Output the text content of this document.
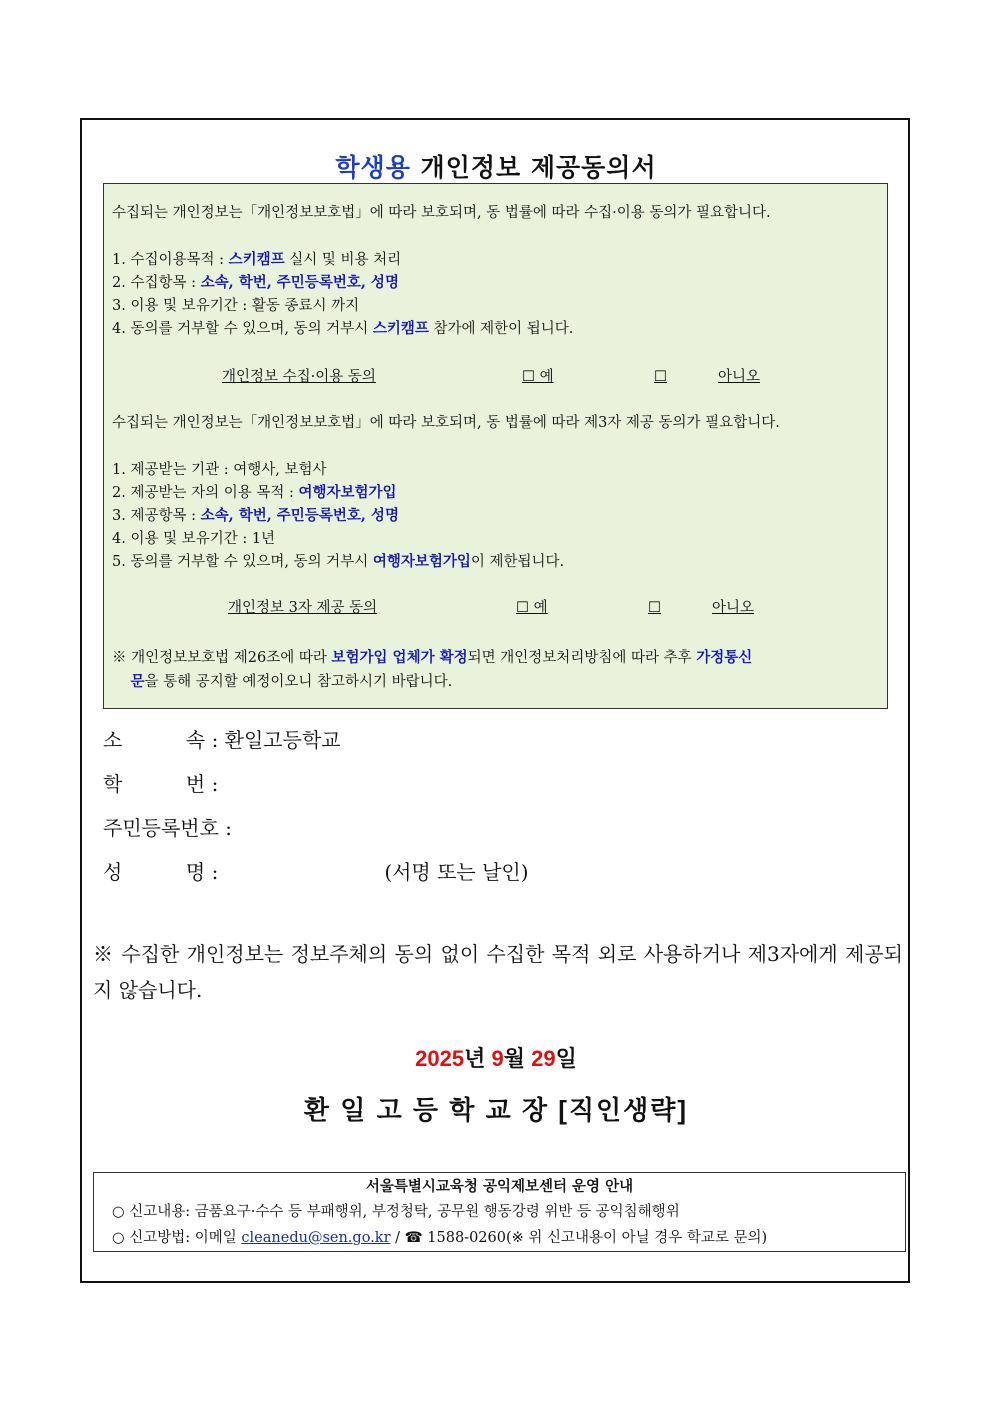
학생용 개인정보 제공동의서
수집되는 개인정보는「개인정보보호법」에 따라 보호되며, 동 법률에 따라 수집·이용 동의가 필요합니다.
1. 수집이용목적 : 스키캠프 실시 및 비용 처리
2. 수집항목 : 소속, 학번, 주민등록번호, 성명
3. 이용 및 보유기간 : 활동 종료시 까지
4. 동의를 거부할 수 있으며, 동의 거부시 스키캠프 참가에 제한이 됩니다.
개인정보 수집·이용 동의	☐ 예	☐	아니오
수집되는 개인정보는「개인정보보호법」에 따라 보호되며, 동 법률에 따라 제3자 제공 동의가 필요합니다.
1. 제공받는 기관 : 여행사, 보험사
2. 제공받는 자의 이용 목적 : 여행자보험가입
3. 제공항목 : 소속, 학번, 주민등록번호, 성명
4. 이용 및 보유기간 : 1년
5. 동의를 거부할 수 있으며, 동의 거부시 여행자보험가입이 제한됩니다.
개인정보 3자 제공 동의	☐ 예	☐	아니오
※ 개인정보보호법 제26조에 따라 보험가입 업체가 확정되면 개인정보처리방침에 따라 추후 가정통신
문을 통해 공지할 예정이오니 참고하시기 바랍니다.
소          속 : 환일고등학교
학          번 :
주민등록번호 :
성          명 :	(서명 또는 날인)
※ 수집한 개인정보는 정보주체의 동의 없이 수집한 목적 외로 사용하거나 제3자에게 제공되지 않습니다.
2025년 9월 29일
환 일 고 등 학 교 장 [직인생략]
서울특별시교육청 공익제보센터 운영 안내
○ 신고내용: 금품요구·수수 등 부패행위, 부정청탁, 공무원 행동강령 위반 등 공익침해행위
○ 신고방법: 이메일 cleanedu@sen.go.kr / ☎ 1588-0260(※ 위 신고내용이 아닐 경우 학교로 문의)
